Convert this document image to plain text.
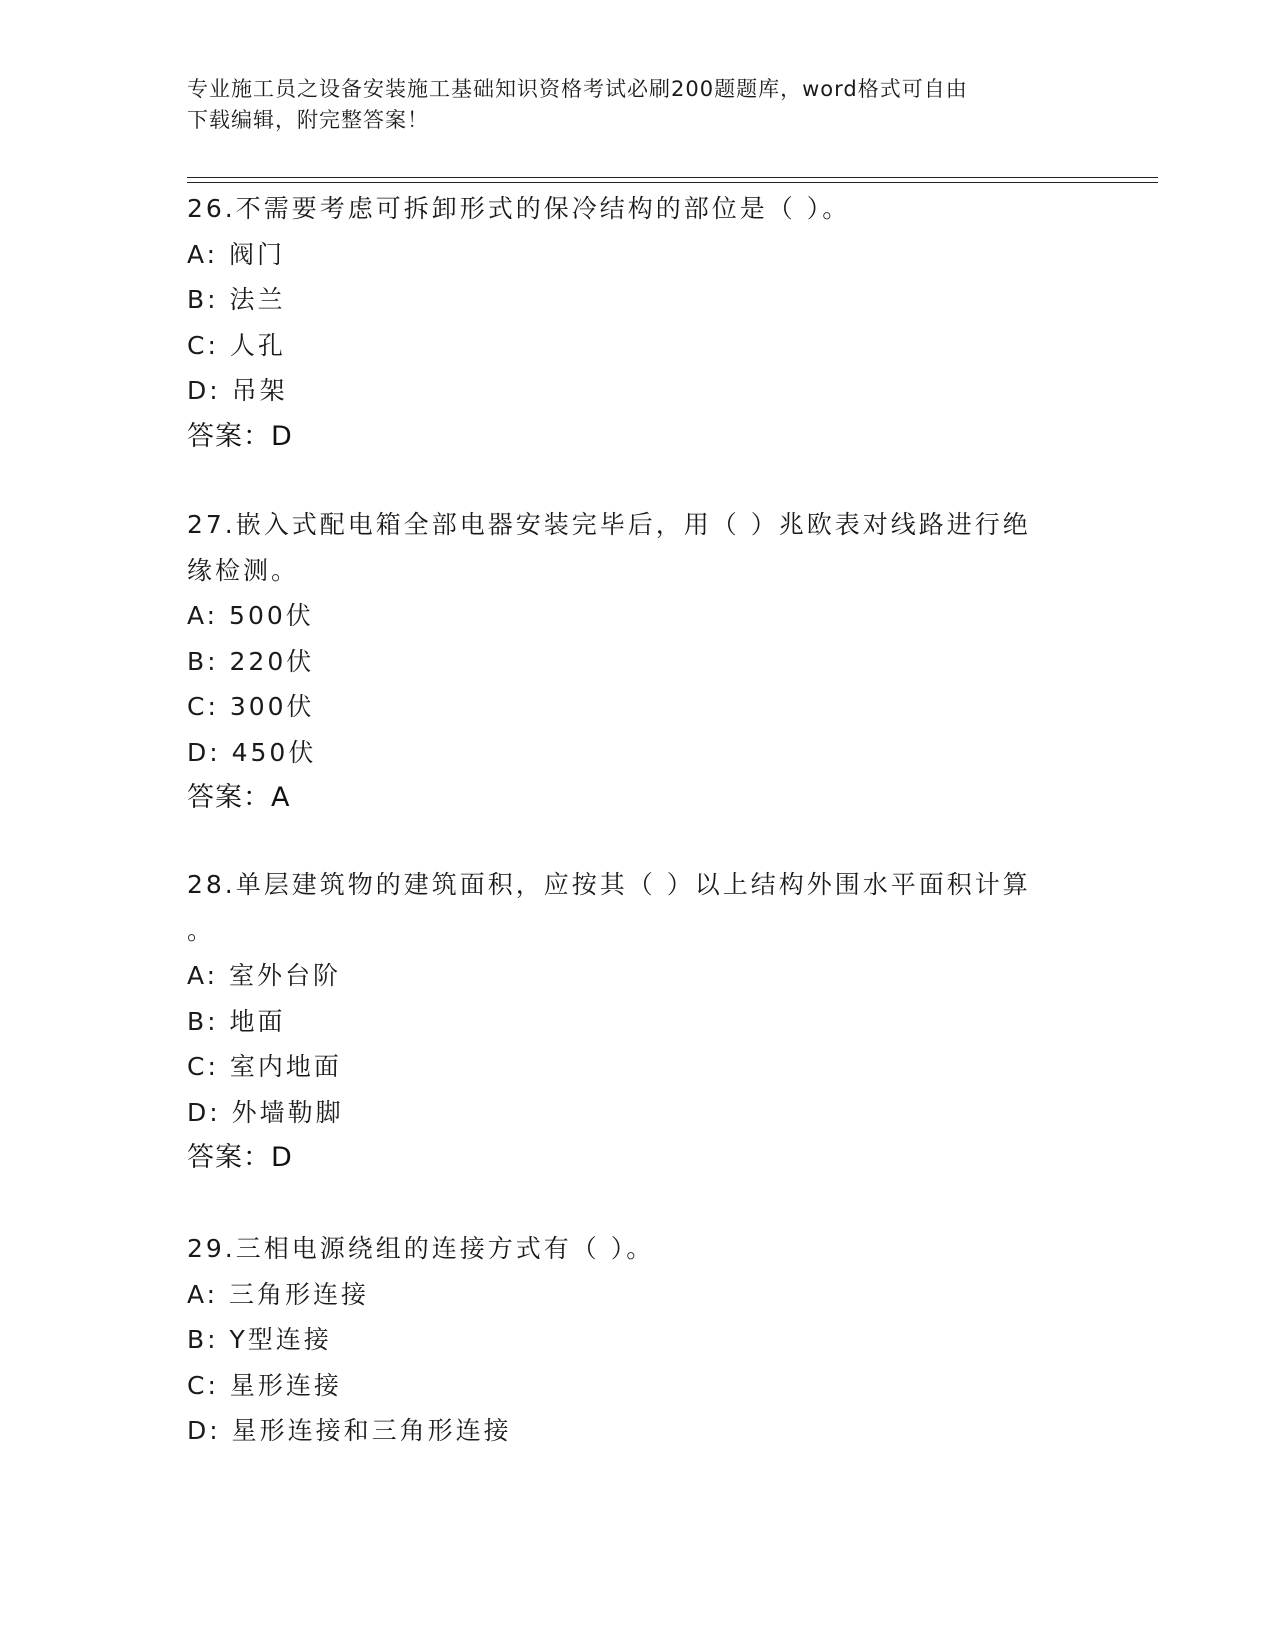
专业施工员之设备安装施工基础知识资格考试必刷200题题库，word格式可自由
下载编辑，附完整答案！
26.不需要考虑可拆卸形式的保冷结构的部位是（ ）。
A: 阀门
B: 法兰
C: 人孔
D: 吊架
答案：D
27.嵌入式配电箱全部电器安装完毕后，用（ ）兆欧表对线路进行绝
缘检测。
A: 500伏
B: 220伏
C: 300伏
D: 450伏
答案：A
28.单层建筑物的建筑面积，应按其（ ）以上结构外围水平面积计算
。
A: 室外台阶
B: 地面
C: 室内地面
D: 外墙勒脚
答案：D
29.三相电源绕组的连接方式有（ ）。
A: 三角形连接
B: Y型连接
C: 星形连接
D: 星形连接和三角形连接
